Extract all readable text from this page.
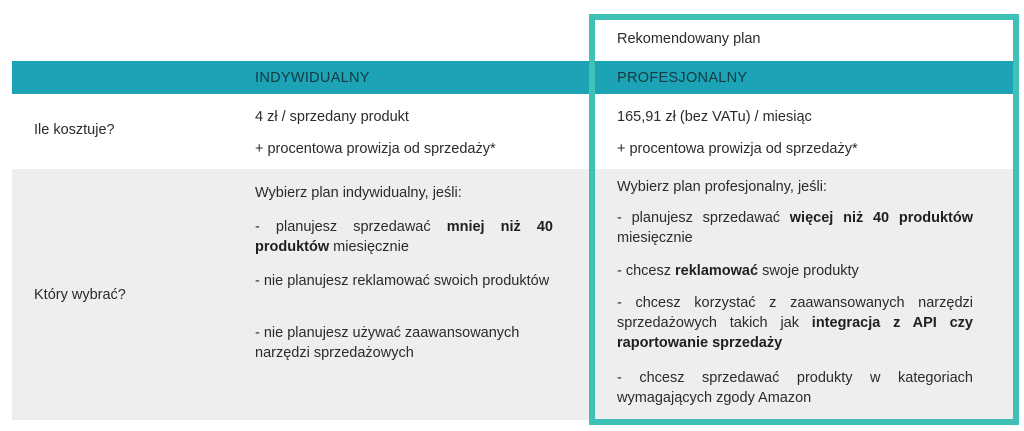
Rekomendowany plan
INDYWIDUALNY	PROFESJONALNY
Ile kosztuje?
4 zł / sprzedany produkt
+ procentowa prowizja od sprzedaży*
165,91 zł (bez VATu) / miesiąc
+ procentowa prowizja od sprzedaży*
Który wybrać?
Wybierz plan indywidualny, jeśli:
- planujesz sprzedawać mniej niż 40 produktów miesięcznie
- nie planujesz reklamować swoich produktów
- nie planujesz używać zaawansowanych narzędzi sprzedażowych
Wybierz plan profesjonalny, jeśli:
- planujesz sprzedawać więcej niż 40 produktów miesięcznie
- chcesz reklamować swoje produkty
- chcesz korzystać z zaawansowanych narzędzi sprzedażowych takich jak integracja z API czy raportowanie sprzedaży
- chcesz sprzedawać produkty w kategoriach wymagających zgody Amazon
